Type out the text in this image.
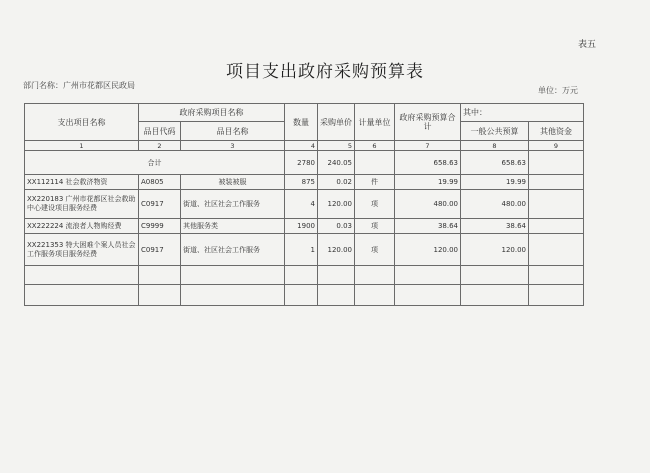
表五
项目支出政府采购预算表
部门名称：广州市花都区民政局
单位：万元
支出项目名称	政府采购项目名称		数量	采购单价	计量单位	政府采购预算合计	其中：	
	品目代码	品目名称					一般公共预算	其他资金
1	2	3	4	5	6	7	8	9
合计			2780	240.05		658.63	658.63	
XX112114 社会救济物资	A0805	被装被服	875	0.02	件	19.99	19.99	
XX220183 广州市花都区社会救助中心建设项目服务经费	C0917	街道、社区社会工作服务	4	120.00	项	480.00	480.00	
XX222224 流浪者人物购经费	C9999	其他服务类	1900	0.03	项	38.64	38.64	
XX221353 特大困难个案人员社会工作服务项目服务经费	C0917	街道、社区社会工作服务	1	120.00	项	120.00	120.00	
